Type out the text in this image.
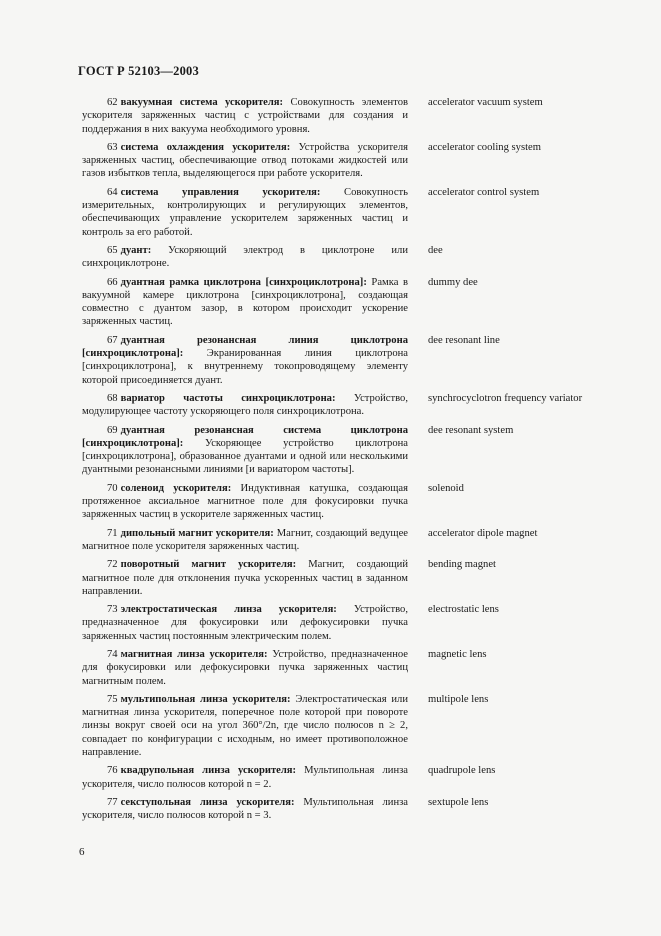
ГОСТ Р 52103—2003
62 вакуумная система ускорителя: Совокупность элементов ускорителя заряженных частиц с устройствами для создания и поддержания в них вакуума необходимого уровня.
accelerator vacuum system
63 система охлаждения ускорителя: Устройства ускорителя заряженных частиц, обеспечивающие отвод потоками жидкостей или газов избытков тепла, выделяющегося при работе ускорителя.
accelerator cooling system
64 система управления ускорителя: Совокупность измерительных, контролирующих и регулирующих элементов, обеспечивающих управление ускорителем заряженных частиц и контроль за его работой.
accelerator control system
65 дуант: Ускоряющий электрод в циклотроне или синхроциклотроне.
dee
66 дуантная рамка циклотрона [синхроциклотрона]: Рамка в вакуумной камере циклотрона [синхроциклотрона], создающая совместно с дуантом зазор, в котором происходит ускорение заряженных частиц.
dummy dee
67 дуантная резонансная линия циклотрона [синхроциклотрона]: Экранированная линия циклотрона [синхроциклотрона], к внутреннему токопроводящему элементу которой присоединяется дуант.
dee resonant line
68 вариатор частоты синхроциклотрона: Устройство, модулирующее частоту ускоряющего поля синхроциклотрона.
synchrocyclotron frequency variator
69 дуантная резонансная система циклотрона [синхроциклотрона]: Ускоряющее устройство циклотрона [синхроциклотрона], образованное дуантами и одной или несколькими дуантными резонансными линиями [и вариатором частоты].
dee resonant system
70 соленоид ускорителя: Индуктивная катушка, создающая протяженное аксиальное магнитное поле для фокусировки пучка заряженных частиц в ускорителе заряженных частиц.
solenoid
71 дипольный магнит ускорителя: Магнит, создающий ведущее магнитное поле ускорителя заряженных частиц.
accelerator dipole magnet
72 поворотный магнит ускорителя: Магнит, создающий магнитное поле для отклонения пучка ускоренных частиц в заданном направлении.
bending magnet
73 электростатическая линза ускорителя: Устройство, предназначенное для фокусировки или дефокусировки пучка заряженных частиц постоянным электрическим полем.
electrostatic lens
74 магнитная линза ускорителя: Устройство, предназначенное для фокусировки или дефокусировки пучка заряженных частиц магнитным полем.
magnetic lens
75 мультипольная линза ускорителя: Электростатическая или магнитная линза ускорителя, поперечное поле которой при повороте линзы вокруг своей оси на угол 360°/2n, где число полюсов n ≥ 2, совпадает по конфигурации с исходным, но имеет противоположное направление.
multipole lens
76 квадрупольная линза ускорителя: Мультипольная линза ускорителя, число полюсов которой n = 2.
quadrupole lens
77 секступольная линза ускорителя: Мультипольная линза ускорителя, число полюсов которой n = 3.
sextupole lens
6
